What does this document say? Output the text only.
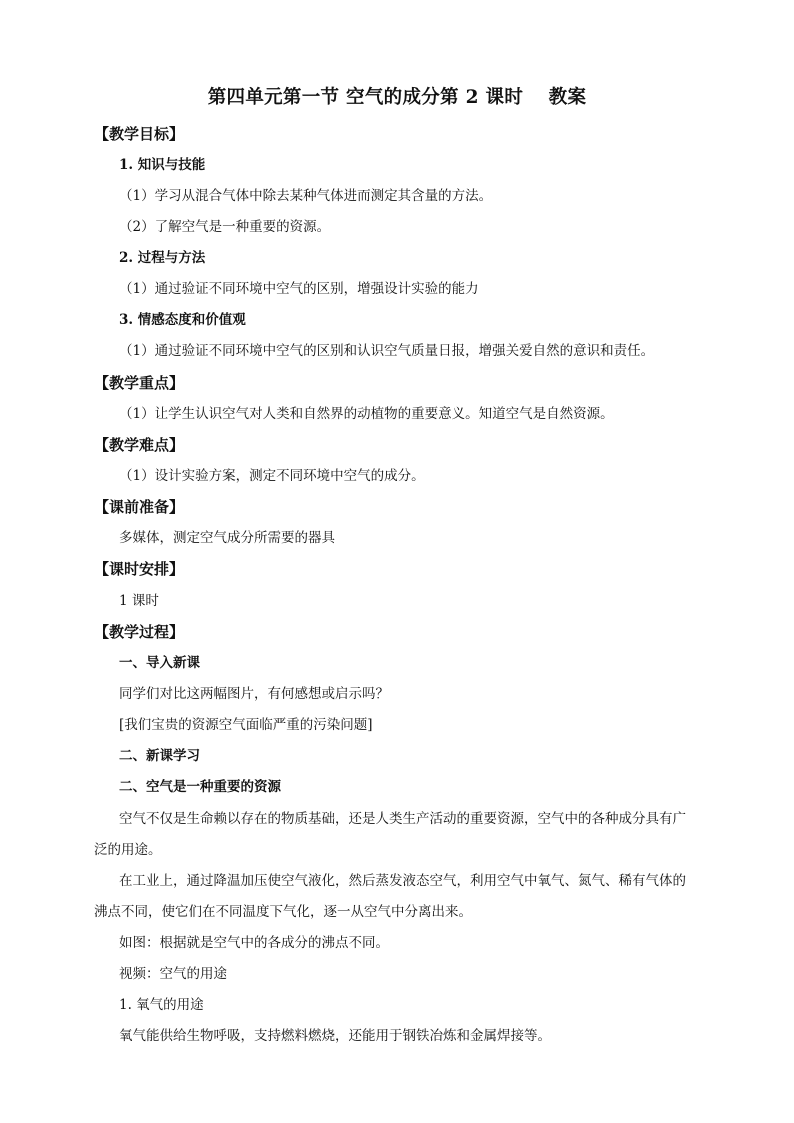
第四单元第一节 空气的成分第 2 课时　 教案
【教学目标】
1. 知识与技能
（1）学习从混合气体中除去某种气体进而测定其含量的方法。
（2）了解空气是一种重要的资源。
2. 过程与方法
（1）通过验证不同环境中空气的区别，增强设计实验的能力
3. 情感态度和价值观
（1）通过验证不同环境中空气的区别和认识空气质量日报，增强关爱自然的意识和责任。
【教学重点】
（1）让学生认识空气对人类和自然界的动植物的重要意义。知道空气是自然资源。
【教学难点】
（1）设计实验方案，测定不同环境中空气的成分。
【课前准备】
多媒体，测定空气成分所需要的器具
【课时安排】
1 课时
【教学过程】
一、导入新课
同学们对比这两幅图片，有何感想或启示吗？
[我们宝贵的资源空气面临严重的污染问题]
二、新课学习
二、空气是一种重要的资源
空气不仅是生命赖以存在的物质基础，还是人类生产活动的重要资源，空气中的各种成分具有广
泛的用途。
在工业上，通过降温加压使空气液化，然后蒸发液态空气，利用空气中氧气、氮气、稀有气体的
沸点不同，使它们在不同温度下气化，逐一从空气中分离出来。
如图：根据就是空气中的各成分的沸点不同。
视频：空气的用途
1. 氧气的用途
氧气能供给生物呼吸，支持燃料燃烧，还能用于钢铁冶炼和金属焊接等。
